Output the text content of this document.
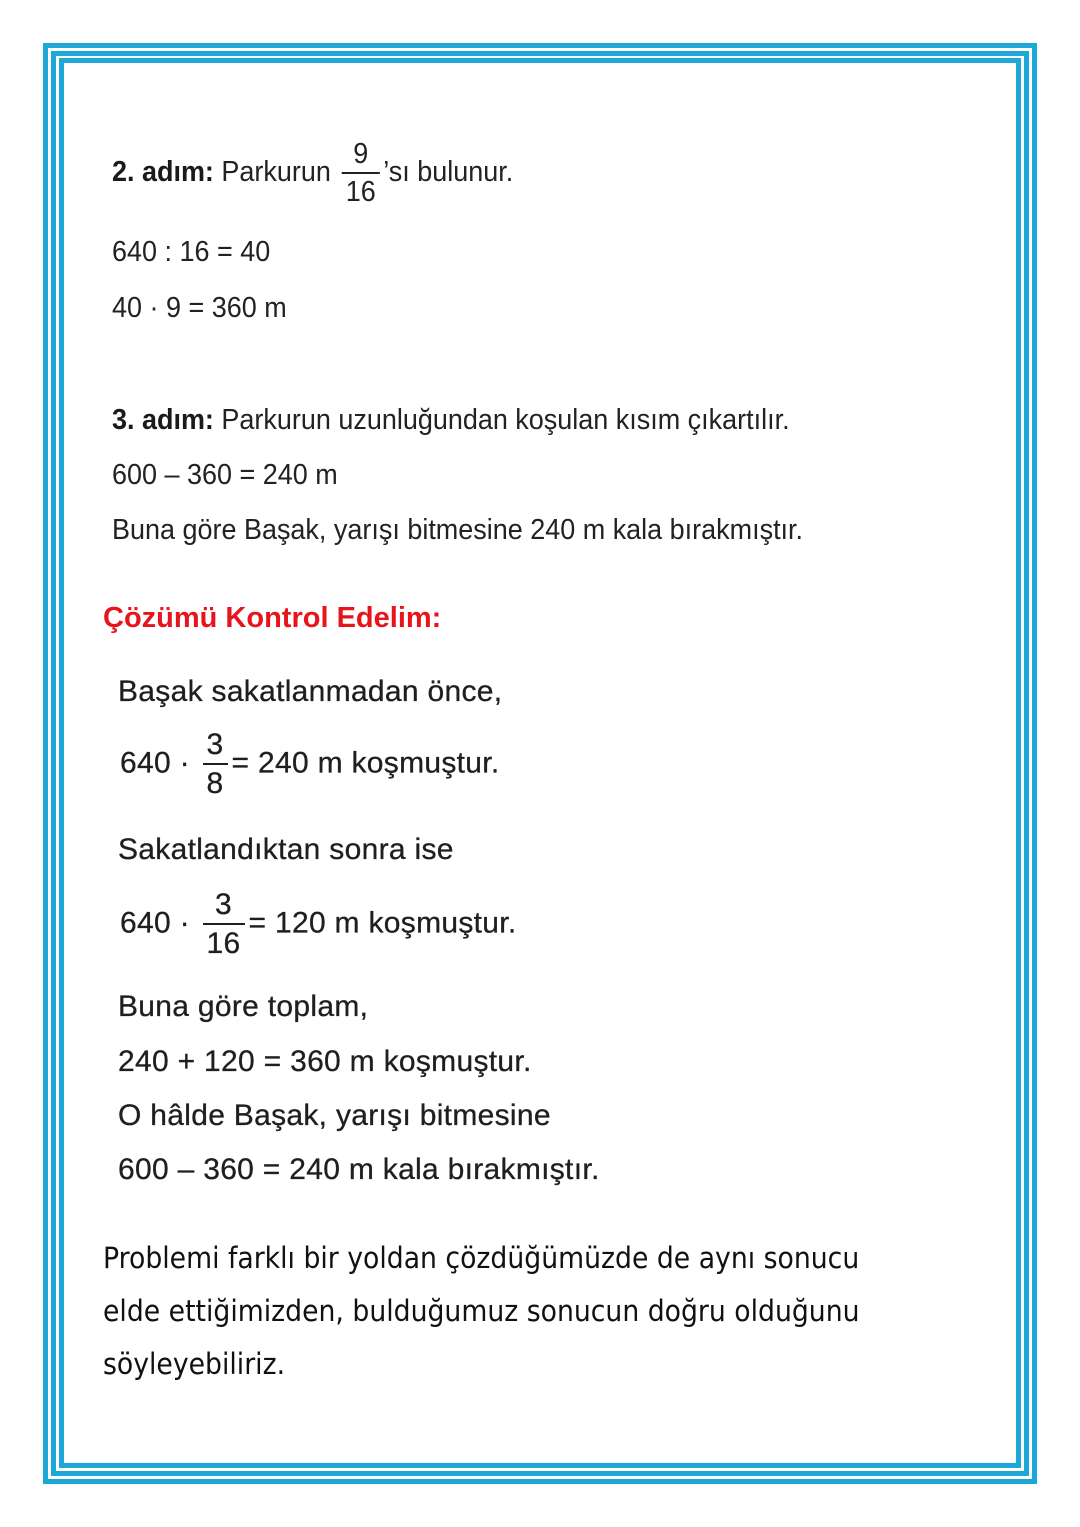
2. adım: Parkurun $\frac{9}{16}$ ’sı bulunur.
640 : 16 = 40
40 · 9 = 360 m
3. adım: Parkurun uzunluğundan koşulan kısım çıkartılır.
600 – 360 = 240 m
Buna göre Başak, yarışı bitmesine 240 m kala bırakmıştır.
Çözümü Kontrol Edelim:
Başak sakatlanmadan önce,
$640 \cdot \frac{3}{8} = 240$ m koşmuştur.
Sakatlandıktan sonra ise
$640 \cdot \frac{3}{16} = 120$ m koşmuştur.
Buna göre toplam,
240 + 120 = 360 m koşmuştur.
O hâlde Başak, yarışı bitmesine
600 – 360 = 240 m kala bırakmıştır.
Problemi farklı bir yoldan çözdüğümüzde de aynı sonucu elde ettiğimizden, bulduğumuz sonucun doğru olduğunu söyleyebiliriz.
